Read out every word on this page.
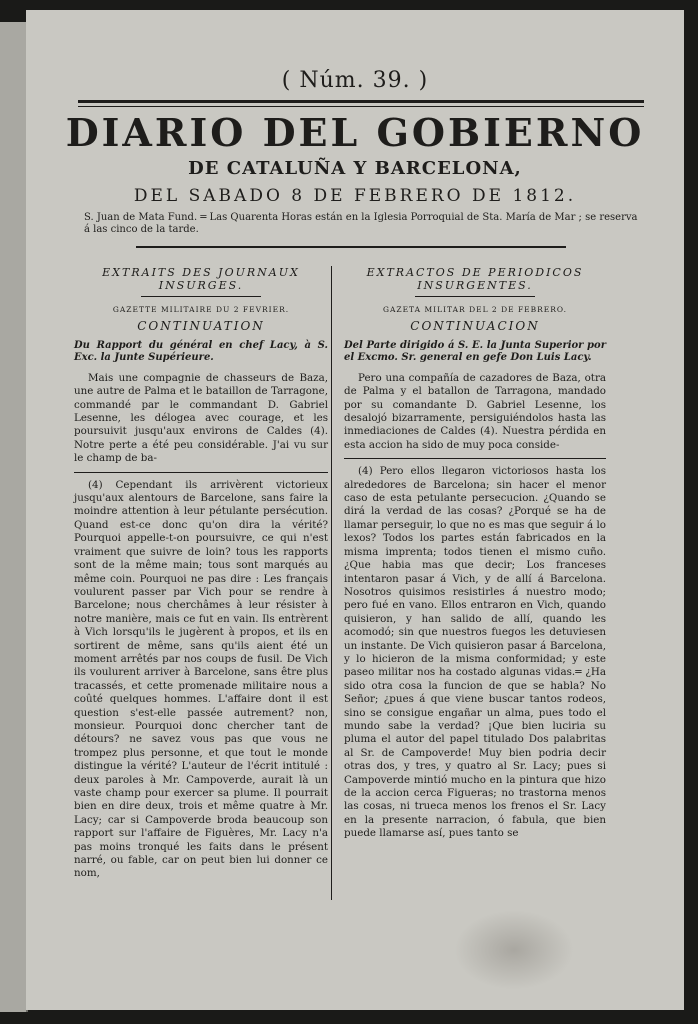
( Núm. 39. )
DIARIO DEL GOBIERNO
DE CATALUÑA Y BARCELONA,
DEL SABADO 8 DE FEBRERO DE 1812.
S. Juan de Mata Fund. ═ Las Quarenta Horas están en la Iglesia Porroquial de Sta. María de Mar ; se reserva á las cinco de la tarde.
EXTRAITS DES JOURNAUX INSURGES.
GAZETTE MILITAIRE DU 2 FEVRIER.
CONTINUATION
Du Rapport du général en chef Lacy, à S. Exc. la Junte Supérieure.

Mais une compagnie de chasseurs de Baza, une autre de Palma et le bataillon de Tarragone, commandé par le commandant D. Gabriel Lesenne, les délogea avec courage, et les poursuivit jusqu'aux environs de Caldes (4). Notre perte a été peu considérable. J'ai vu sur le champ de ba-

(4) Cependant ils arrivèrent victorieux jusqu'aux alentours de Barcelone, sans faire la moindre attention à leur pétulante persécution. Quand est-ce donc qu'on dira la vérité? Pourquoi appelle-t-on poursuivre, ce qui n'est vraiment que suivre de loin? tous les rapports sont de la même main; tous sont marqués au même coin. Pourquoi ne pas dire : Les français voulurent passer par Vich pour se rendre à Barcelone; nous cherchâmes à leur résister à notre manière, mais ce fut en vain. Ils entrèrent à Vich lorsqu'ils le jugèrent à propos, et ils en sortirent de même, sans qu'ils aient été un moment arrêtés par nos coups de fusil. De Vich ils voulurent arriver à Barcelone, sans être plus tracassés, et cette promenade militaire nous a coûté quelques hommes. L'affaire dont il est question s'est-elle passée autrement? non, monsieur. Pourquoi donc chercher tant de détours? ne savez vous pas que vous ne trompez plus personne, et que tout le monde distingue la vérité? L'auteur de l'écrit intitulé : deux paroles à Mr. Campoverde, aurait là un vaste champ pour exercer sa plume. Il pourrait bien en dire deux, trois et même quatre à Mr. Lacy; car si Campoverde broda beaucoup son rapport sur l'affaire de Figuères, Mr. Lacy n'a pas moins tronqué les faits dans le présent narré, ou fable, car on peut bien lui donner ce nom,

EXTRACTOS DE PERIODICOS INSURGENTES.
GAZETA MILITAR DEL 2 DE FEBRERO.
CONTINUACION
Del Parte dirigido á S. E. la Junta Superior por el Excmo. Sr. general en gefe Don Luis Lacy.

Pero una compañía de cazadores de Baza, otra de Palma y el batallon de Tarragona, mandado por su comandante D. Gabriel Lesenne, los desalojó bizarramente, persiguiéndolos hasta las inmediaciones de Caldes (4). Nuestra pérdida en esta accion ha sido de muy poca conside-

(4) Pero ellos llegaron victoriosos hasta los alrededores de Barcelona; sin hacer el menor caso de esta petulante persecucion. ¿Quando se dirá la verdad de las cosas? ¿Porqué se ha de llamar perseguir, lo que no es mas que seguir á lo lexos? Todos los partes están fabricados en la misma imprenta; todos tienen el mismo cuño. ¿Que habia mas que decir; Los franceses intentaron pasar á Vich, y de allí á Barcelona. Nosotros quisimos resistirles á nuestro modo; pero fué en vano. Ellos entraron en Vich, quando quisieron, y han salido de allí, quando les acomodó; sin que nuestros fuegos les detuviesen un instante. De Vich quisieron pasar á Barcelona, y lo hicieron de la misma conformidad; y este paseo militar nos ha costado algunas vidas.═ ¿Ha sido otra cosa la funcion de que se habla? No Señor; ¿pues á que viene buscar tantos rodeos, sino se consigue engañar un alma, pues todo el mundo sabe la verdad? ¡Que bien luciria su pluma el autor del papel titulado Dos palabritas al Sr. de Campoverde! Muy bien podria decir otras dos, y tres, y quatro al Sr. Lacy; pues si Campoverde mintió mucho en la pintura que hizo de la accion cerca Figueras; no trastorna menos las cosas, ni trueca menos los frenos el Sr. Lacy en la presente narracion, ó fabula, que bien puede llamarse así, pues tanto se
